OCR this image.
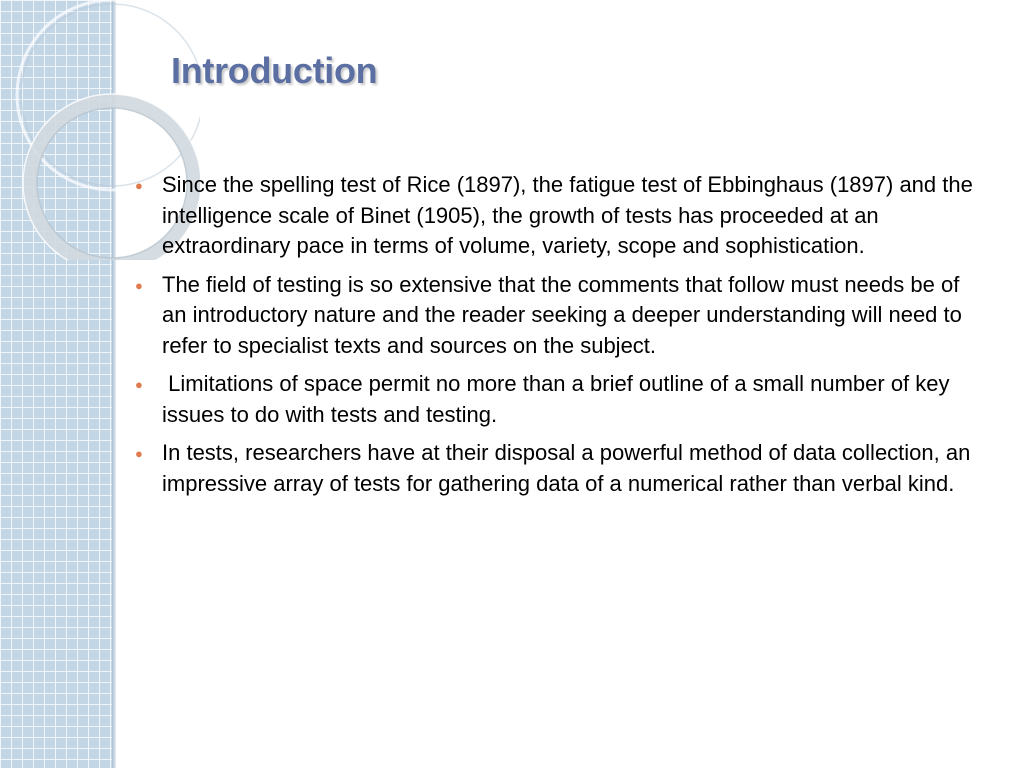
Introduction
● Since the spelling test of Rice (1897), the fatigue test of Ebbinghaus (1897) and the intelligence scale of Binet (1905), the growth of tests has proceeded at an extraordinary pace in terms of volume, variety, scope and sophistication.
● The field of testing is so extensive that the comments that follow must needs be of an introductory nature and the reader seeking a deeper understanding will need to refer to specialist texts and sources on the subject.
● Limitations of space permit no more than a brief outline of a small number of key issues to do with tests and testing.
● In tests, researchers have at their disposal a powerful method of data collection, an impressive array of tests for gathering data of a numerical rather than verbal kind.
